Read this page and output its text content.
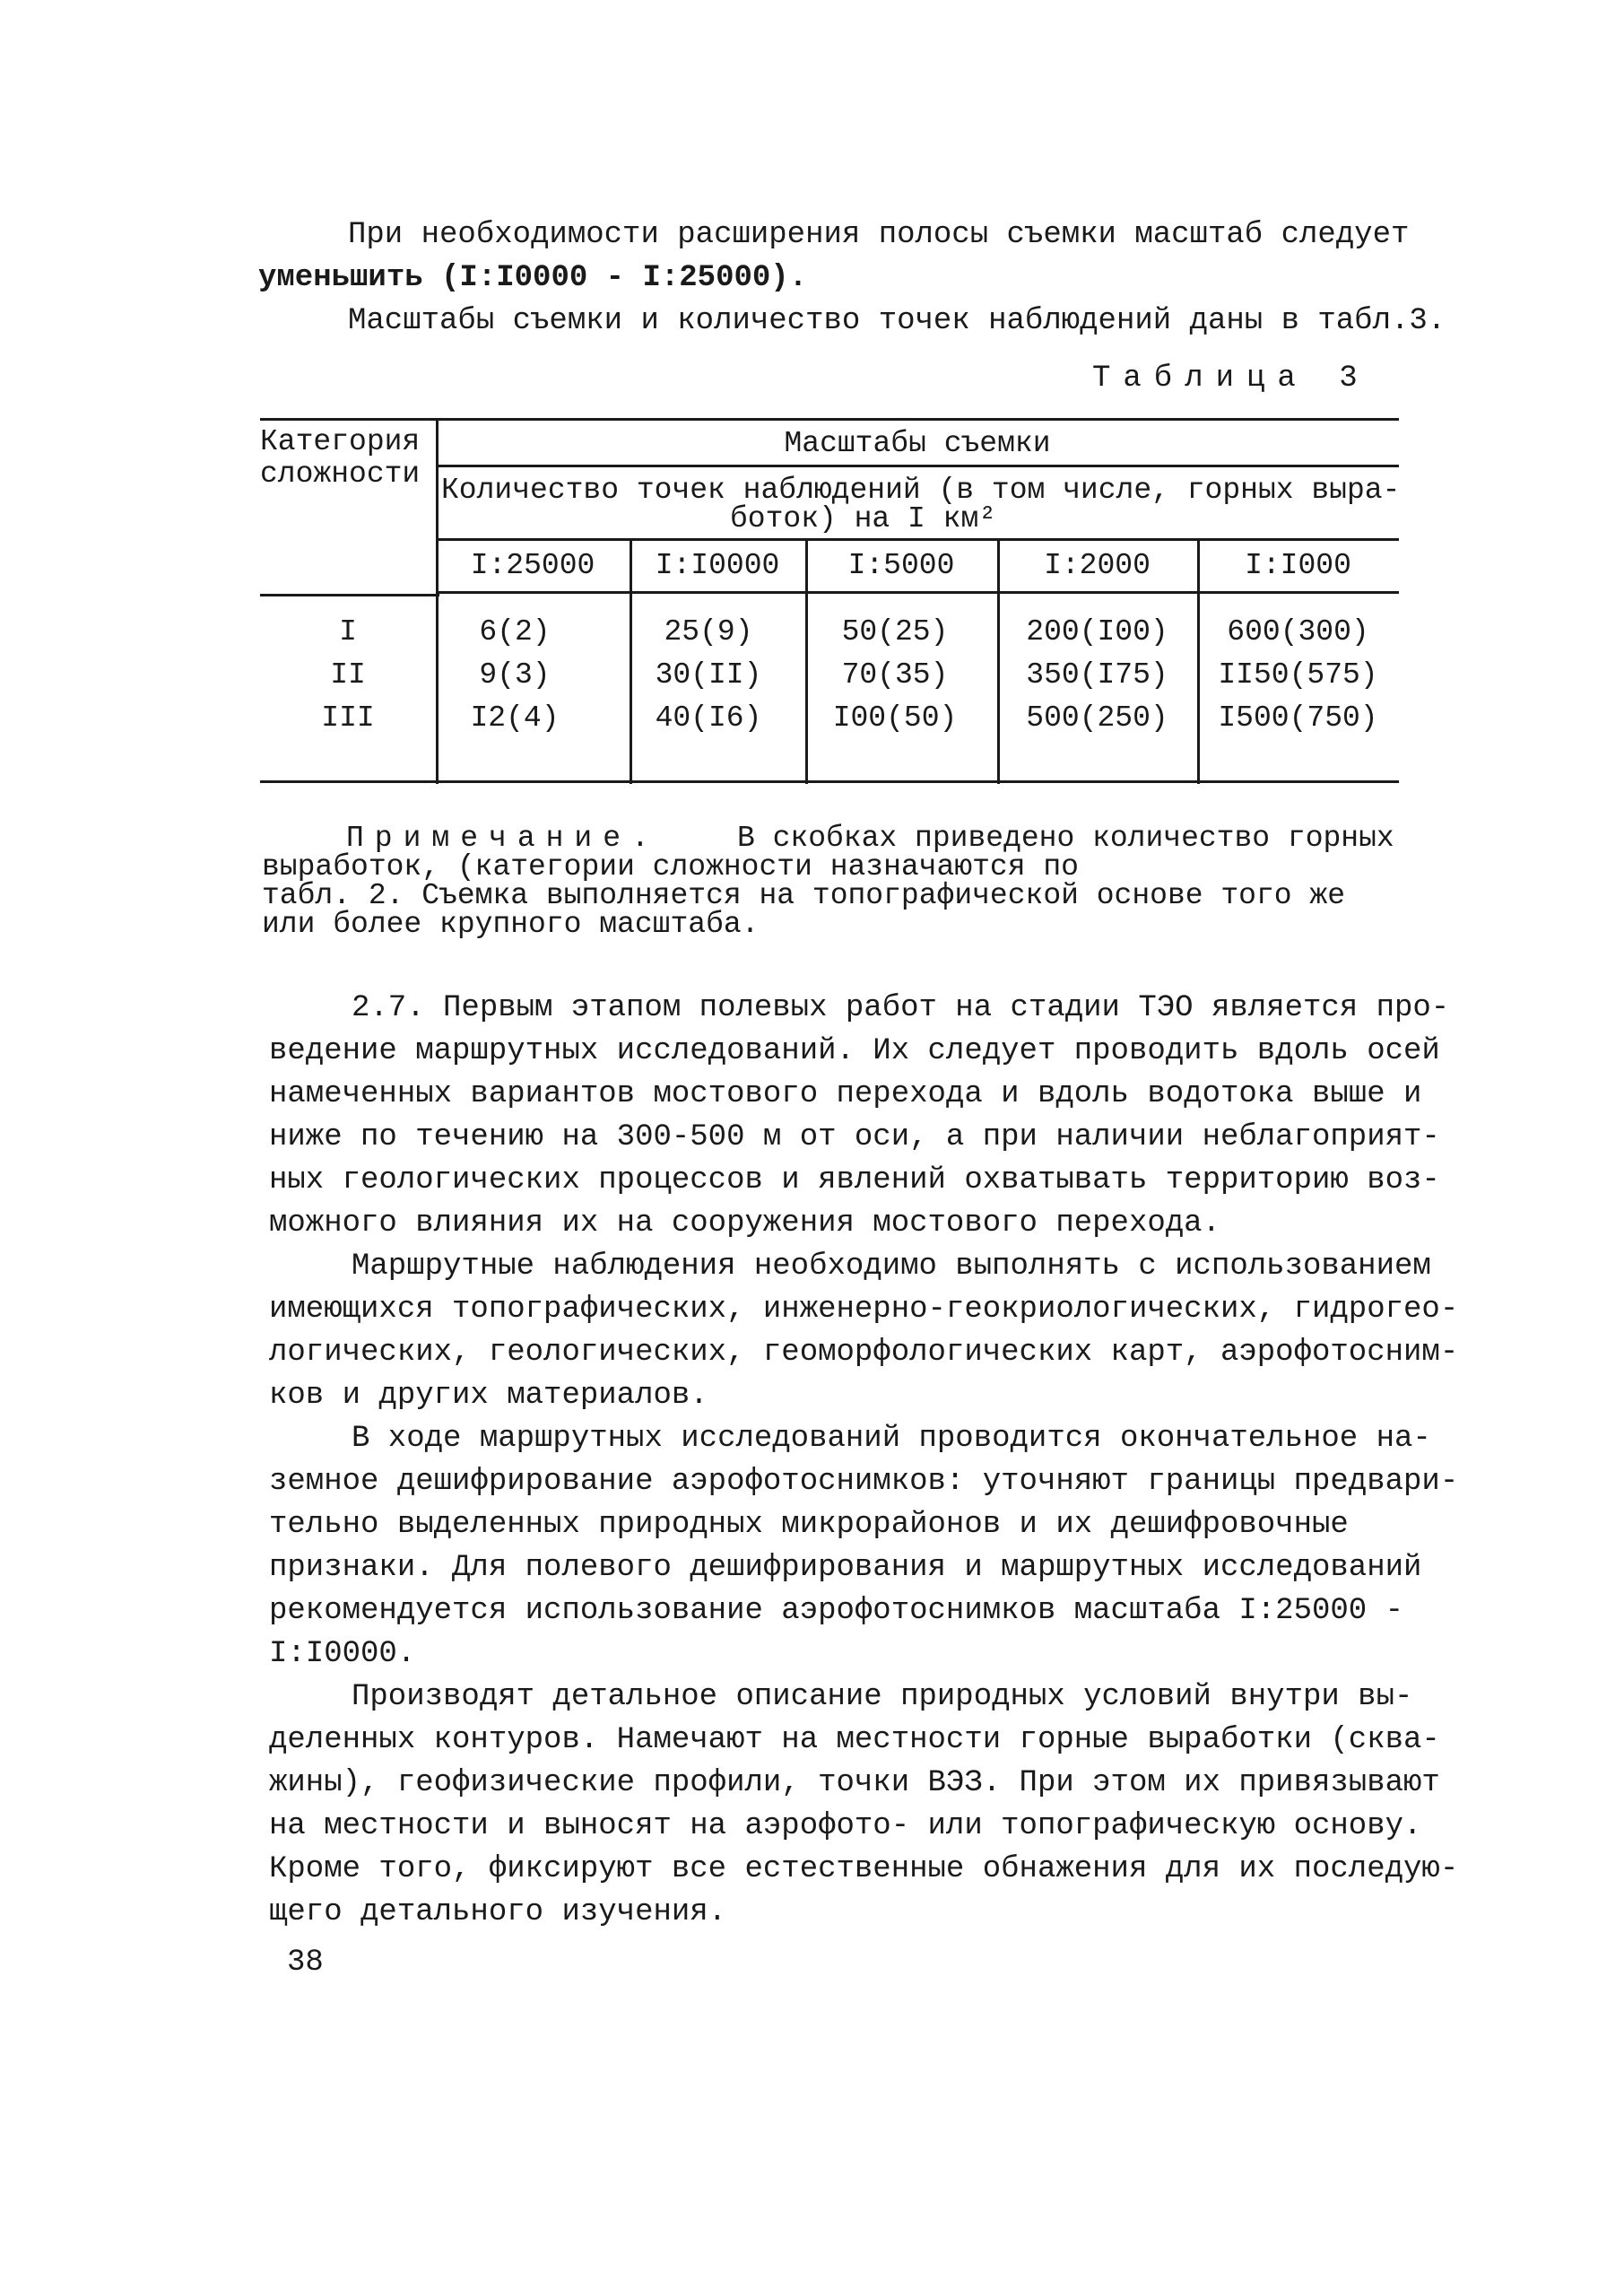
При необходимости расширения полосы съемки масштаб следует
уменьшить (I:I0000 - I:25000).
Масштабы съемки и количество точек наблюдений даны в табл.3.
Таблица 3
Категория
сложности
Масштабы съемки
Количество точек наблюдений (в том числе, горных выра-
боток) на I км²
I:25000	I:I0000	I:5000	I:2000	I:I000
I	6(2)	25(9)	50(25)	200(I00)	600(300)
II	9(3)	30(II)	70(35)	350(I75)	II50(575)
III	I2(4)	40(I6)	I00(50)	500(250)	I500(750)
Примечание.	В скобках приведено количество горных
выработок, (категории сложности назначаются по
табл. 2. Съемка выполняется на топографической основе того же
или более крупного масштаба.
2.7. Первым этапом полевых работ на стадии ТЭО является про-
ведение маршрутных исследований. Их следует проводить вдоль осей
намеченных вариантов мостового перехода и вдоль водотока выше и
ниже по течению на 300-500 м от оси, а при наличии неблагоприят-
ных геологических процессов и явлений охватывать территорию воз-
можного влияния их на сооружения мостового перехода.
Маршрутные наблюдения необходимо выполнять с использованием
имеющихся топографических, инженерно-геокриологических, гидрогео-
логических, геологических, геоморфологических карт, аэрофотосним-
ков и других материалов.
В ходе маршрутных исследований проводится окончательное на-
земное дешифрирование аэрофотоснимков: уточняют границы предвари-
тельно выделенных природных микрорайонов и их дешифровочные
признаки. Для полевого дешифрирования и маршрутных исследований
рекомендуется использование аэрофотоснимков масштаба I:25000 -
I:I0000.
Производят детальное описание природных условий внутри вы-
деленных контуров. Намечают на местности горные выработки (сква-
жины), геофизические профили, точки ВЭЗ. При этом их привязывают
на местности и выносят на аэрофото- или топографическую основу.
Кроме того, фиксируют все естественные обнажения для их последую-
щего детального изучения.
38
